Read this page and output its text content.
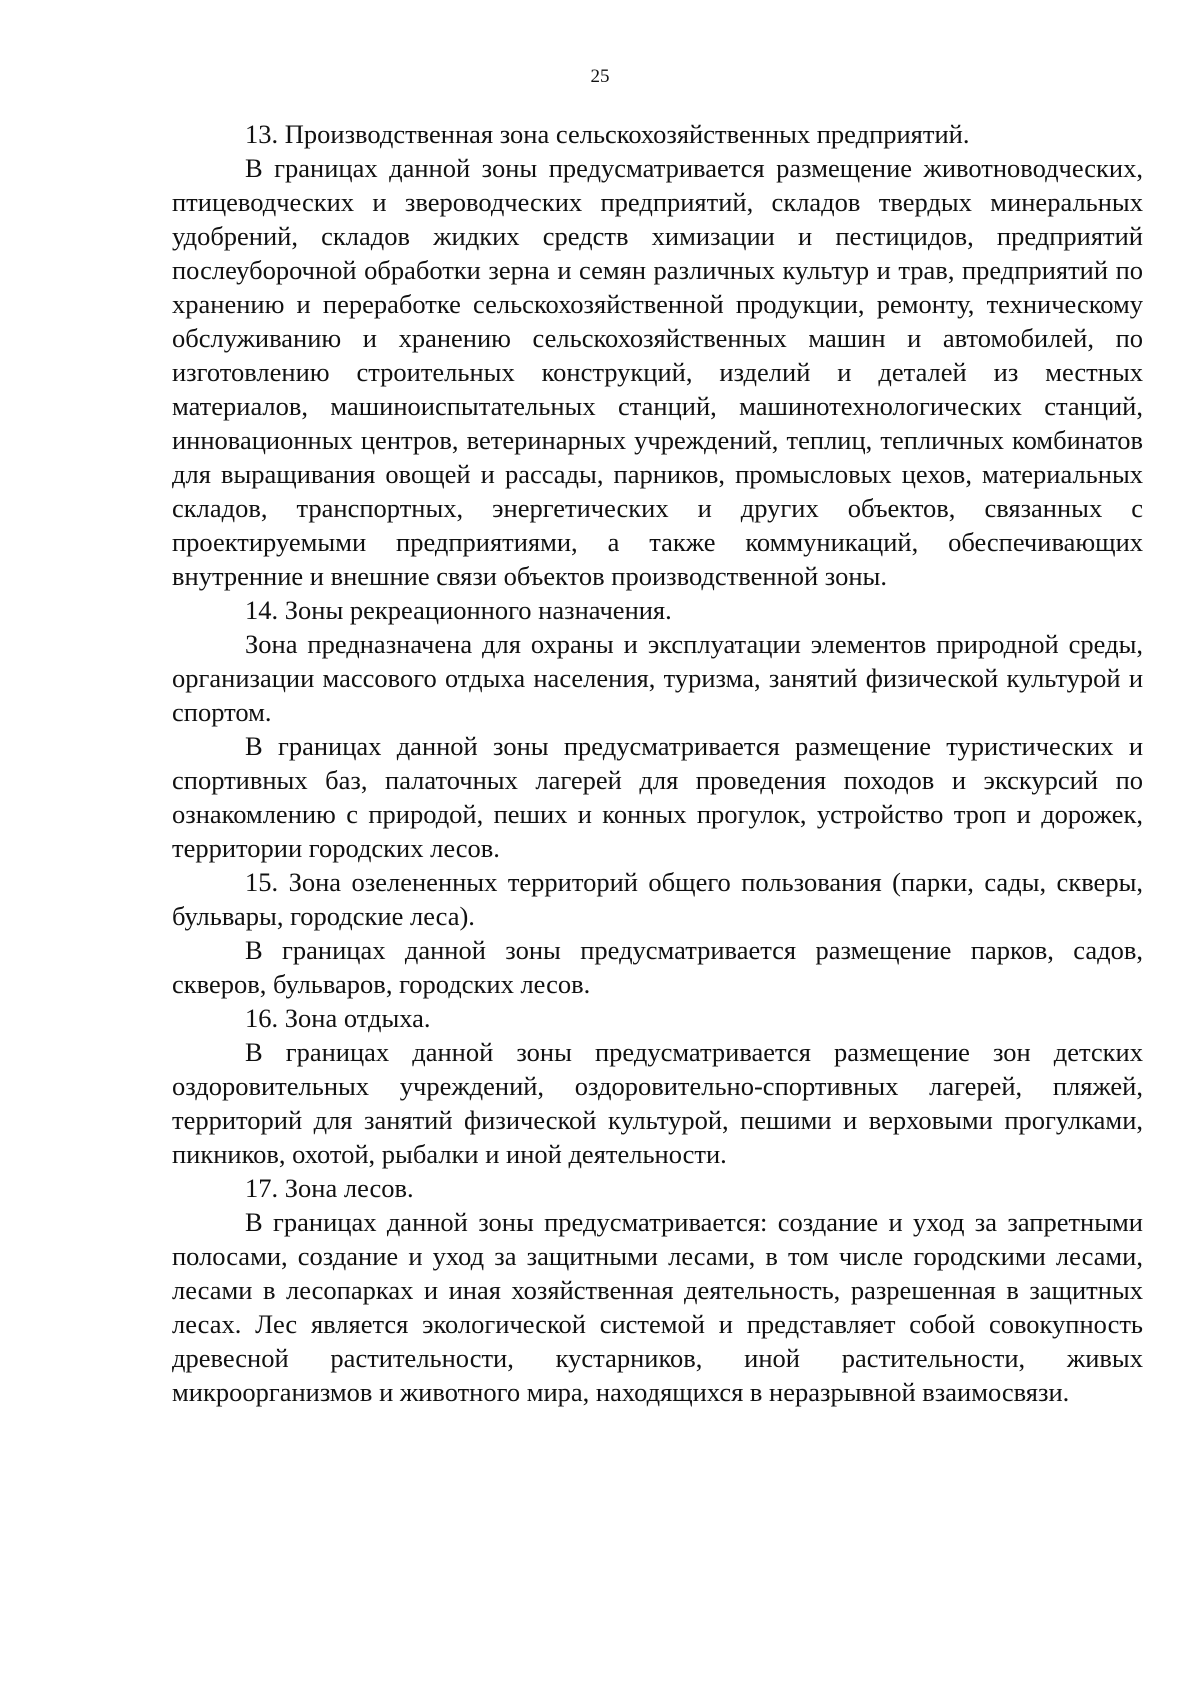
25

13. Производственная зона сельскохозяйственных предприятий.

В границах данной зоны предусматривается размещение животноводческих, птицеводческих и звероводческих предприятий, складов твердых минеральных удобрений, складов жидких средств химизации и пестицидов, предприятий послеуборочной обработки зерна и семян различных культур и трав, предприятий по хранению и переработке сельскохозяйственной продукции, ремонту, техническому обслуживанию и хранению сельскохозяйственных машин и автомобилей, по изготовлению строительных конструкций, изделий и деталей из местных материалов, машиноиспытательных станций, машинотехнологических станций, инновационных центров, ветеринарных учреждений, теплиц, тепличных комбинатов для выращивания овощей и рассады, парников, промысловых цехов, материальных складов, транспортных, энергетических и других объектов, связанных с проектируемыми предприятиями, а также коммуникаций, обеспечивающих внутренние и внешние связи объектов производственной зоны.

14. Зоны рекреационного назначения.

Зона предназначена для охраны и эксплуатации элементов природной среды, организации массового отдыха населения, туризма, занятий физической культурой и спортом.

В границах данной зоны предусматривается размещение туристических и спортивных баз, палаточных лагерей для проведения походов и экскурсий по ознакомлению с природой, пеших и конных прогулок, устройство троп и дорожек, территории городских лесов.

15. Зона озелененных территорий общего пользования (парки, сады, скверы, бульвары, городские леса).

В границах данной зоны предусматривается размещение парков, садов, скверов, бульваров, городских лесов.

16. Зона отдыха.

В границах данной зоны предусматривается размещение зон детских оздоровительных учреждений, оздоровительно-спортивных лагерей, пляжей, территорий для занятий физической культурой, пешими и верховыми прогулками, пикников, охотой, рыбалки и иной деятельности.

17. Зона лесов.

В границах данной зоны предусматривается: создание и уход за запретными полосами, создание и уход за защитными лесами, в том числе городскими лесами, лесами в лесопарках и иная хозяйственная деятельность, разрешенная в защитных лесах. Лес является экологической системой и представляет собой совокупность древесной растительности, кустарников, иной растительности, живых микроорганизмов и животного мира, находящихся в неразрывной взаимосвязи.
